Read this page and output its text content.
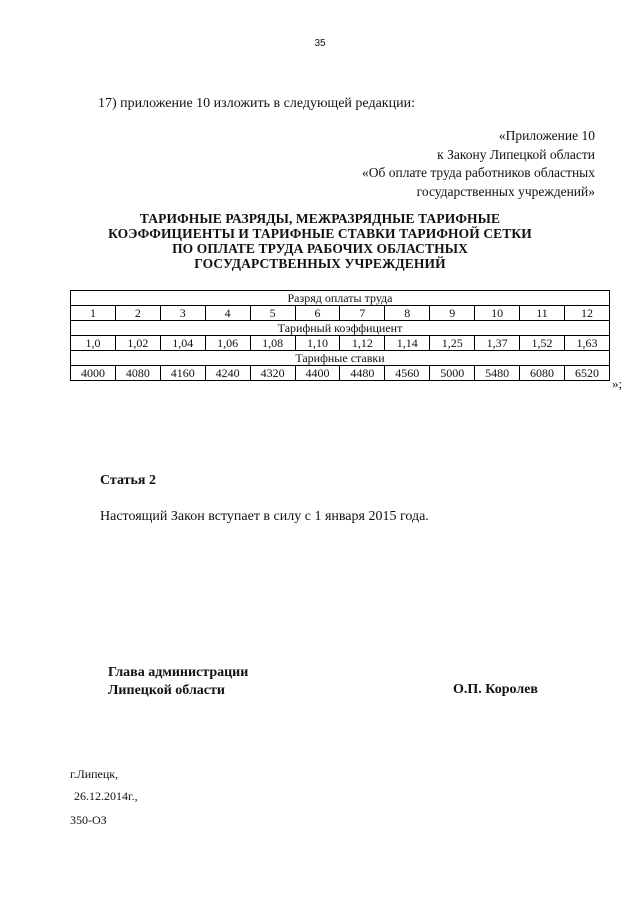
35
17) приложение 10 изложить в следующей редакции:
«Приложение 10
к Закону Липецкой области
«Об оплате труда работников областных
государственных учреждений»
ТАРИФНЫЕ РАЗРЯДЫ, МЕЖРАЗРЯДНЫЕ ТАРИФНЫЕ
КОЭФФИЦИЕНТЫ И ТАРИФНЫЕ СТАВКИ ТАРИФНОЙ СЕТКИ
ПО ОПЛАТЕ ТРУДА РАБОЧИХ ОБЛАСТНЫХ
ГОСУДАРСТВЕННЫХ УЧРЕЖДЕНИЙ
Разряд оплаты труда											
1	2	3	4	5	6	7	8	9	10	11	12
Тарифный коэффициент											
1,0	1,02	1,04	1,06	1,08	1,10	1,12	1,14	1,25	1,37	1,52	1,63
Тарифные ставки											
4000	4080	4160	4240	4320	4400	4480	4560	5000	5480	6080	6520
»;
Статья 2
Настоящий Закон вступает в силу с 1 января 2015 года.
Глава администрации
Липецкой области	О.П. Королев
г.Липецк,
26.12.2014г.,
350-ОЗ
